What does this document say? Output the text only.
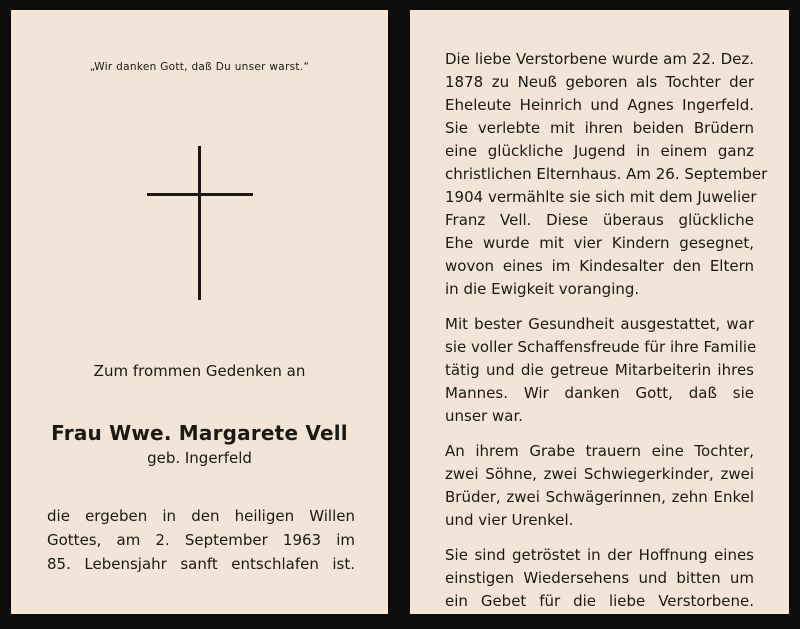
„Wir danken Gott, daß Du unser warst.“
Zum frommen Gedenken an
Frau Wwe. Margarete Vell
geb. Ingerfeld
die ergeben in den heiligen Willen
Gottes, am 2. September 1963 im
85. Lebensjahr sanft entschlafen ist.
Die liebe Verstorbene wurde am 22. Dez.
1878 zu Neuß geboren als Tochter der
Eheleute Heinrich und Agnes Ingerfeld.
Sie verlebte mit ihren beiden Brüdern
eine glückliche Jugend in einem ganz
christlichen Elternhaus. Am 26. September
1904 vermählte sie sich mit dem Juwelier
Franz Vell. Diese überaus glückliche
Ehe wurde mit vier Kindern gesegnet,
wovon eines im Kindesalter den Eltern
in die Ewigkeit voranging.
Mit bester Gesundheit ausgestattet, war
sie voller Schaffensfreude für ihre Familie
tätig und die getreue Mitarbeiterin ihres
Mannes. Wir danken Gott, daß sie
unser war.
An ihrem Grabe trauern eine Tochter,
zwei Söhne, zwei Schwiegerkinder, zwei
Brüder, zwei Schwägerinnen, zehn Enkel
und vier Urenkel.
Sie sind getröstet in der Hoffnung eines
einstigen Wiedersehens und bitten um
ein Gebet für die liebe Verstorbene.
